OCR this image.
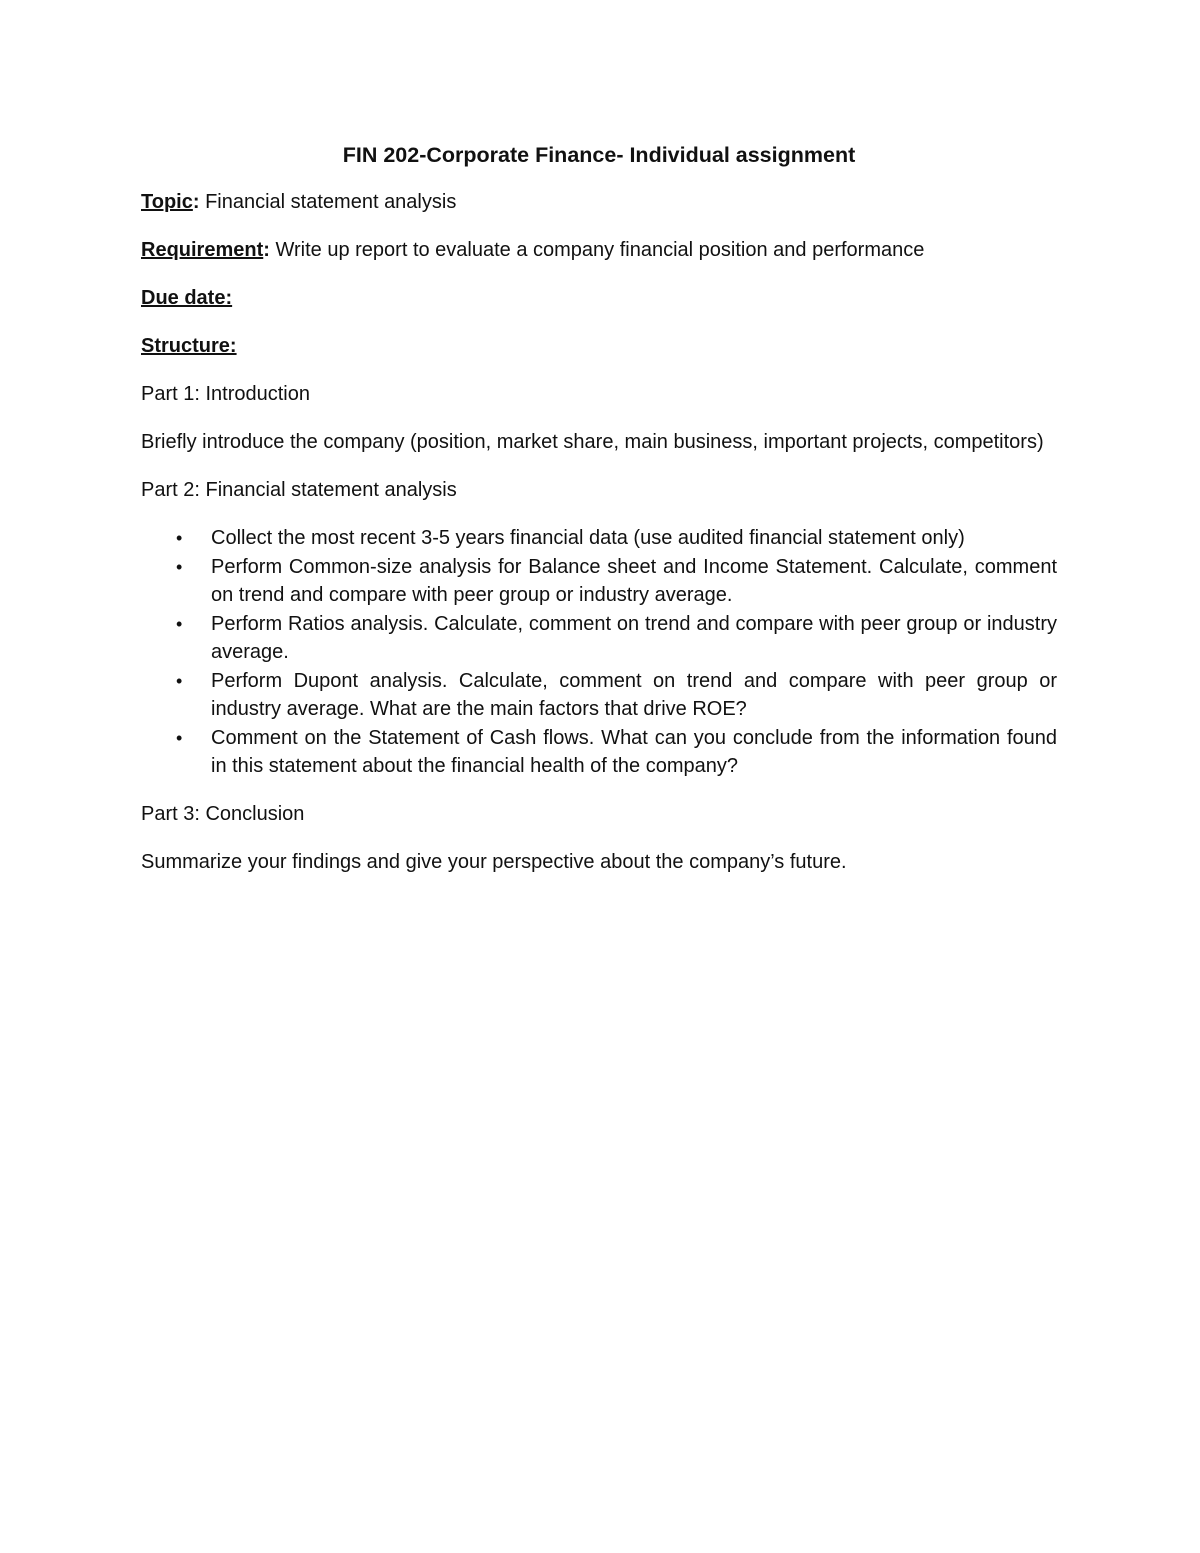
FIN 202-Corporate Finance- Individual assignment

Topic: Financial statement analysis

Requirement: Write up report to evaluate a company financial position and performance

Due date:

Structure:

Part 1: Introduction

Briefly introduce the company (position, market share, main business, important projects, competitors)

Part 2: Financial statement analysis

• Collect the most recent 3-5 years financial data (use audited financial statement only)
• Perform Common-size analysis for Balance sheet and Income Statement. Calculate, comment on trend and compare with peer group or industry average.
• Perform Ratios analysis. Calculate, comment on trend and compare with peer group or industry average.
• Perform Dupont analysis. Calculate, comment on trend and compare with peer group or industry average. What are the main factors that drive ROE?
• Comment on the Statement of Cash flows. What can you conclude from the information found in this statement about the financial health of the company?

Part 3: Conclusion

Summarize your findings and give your perspective about the company’s future.
